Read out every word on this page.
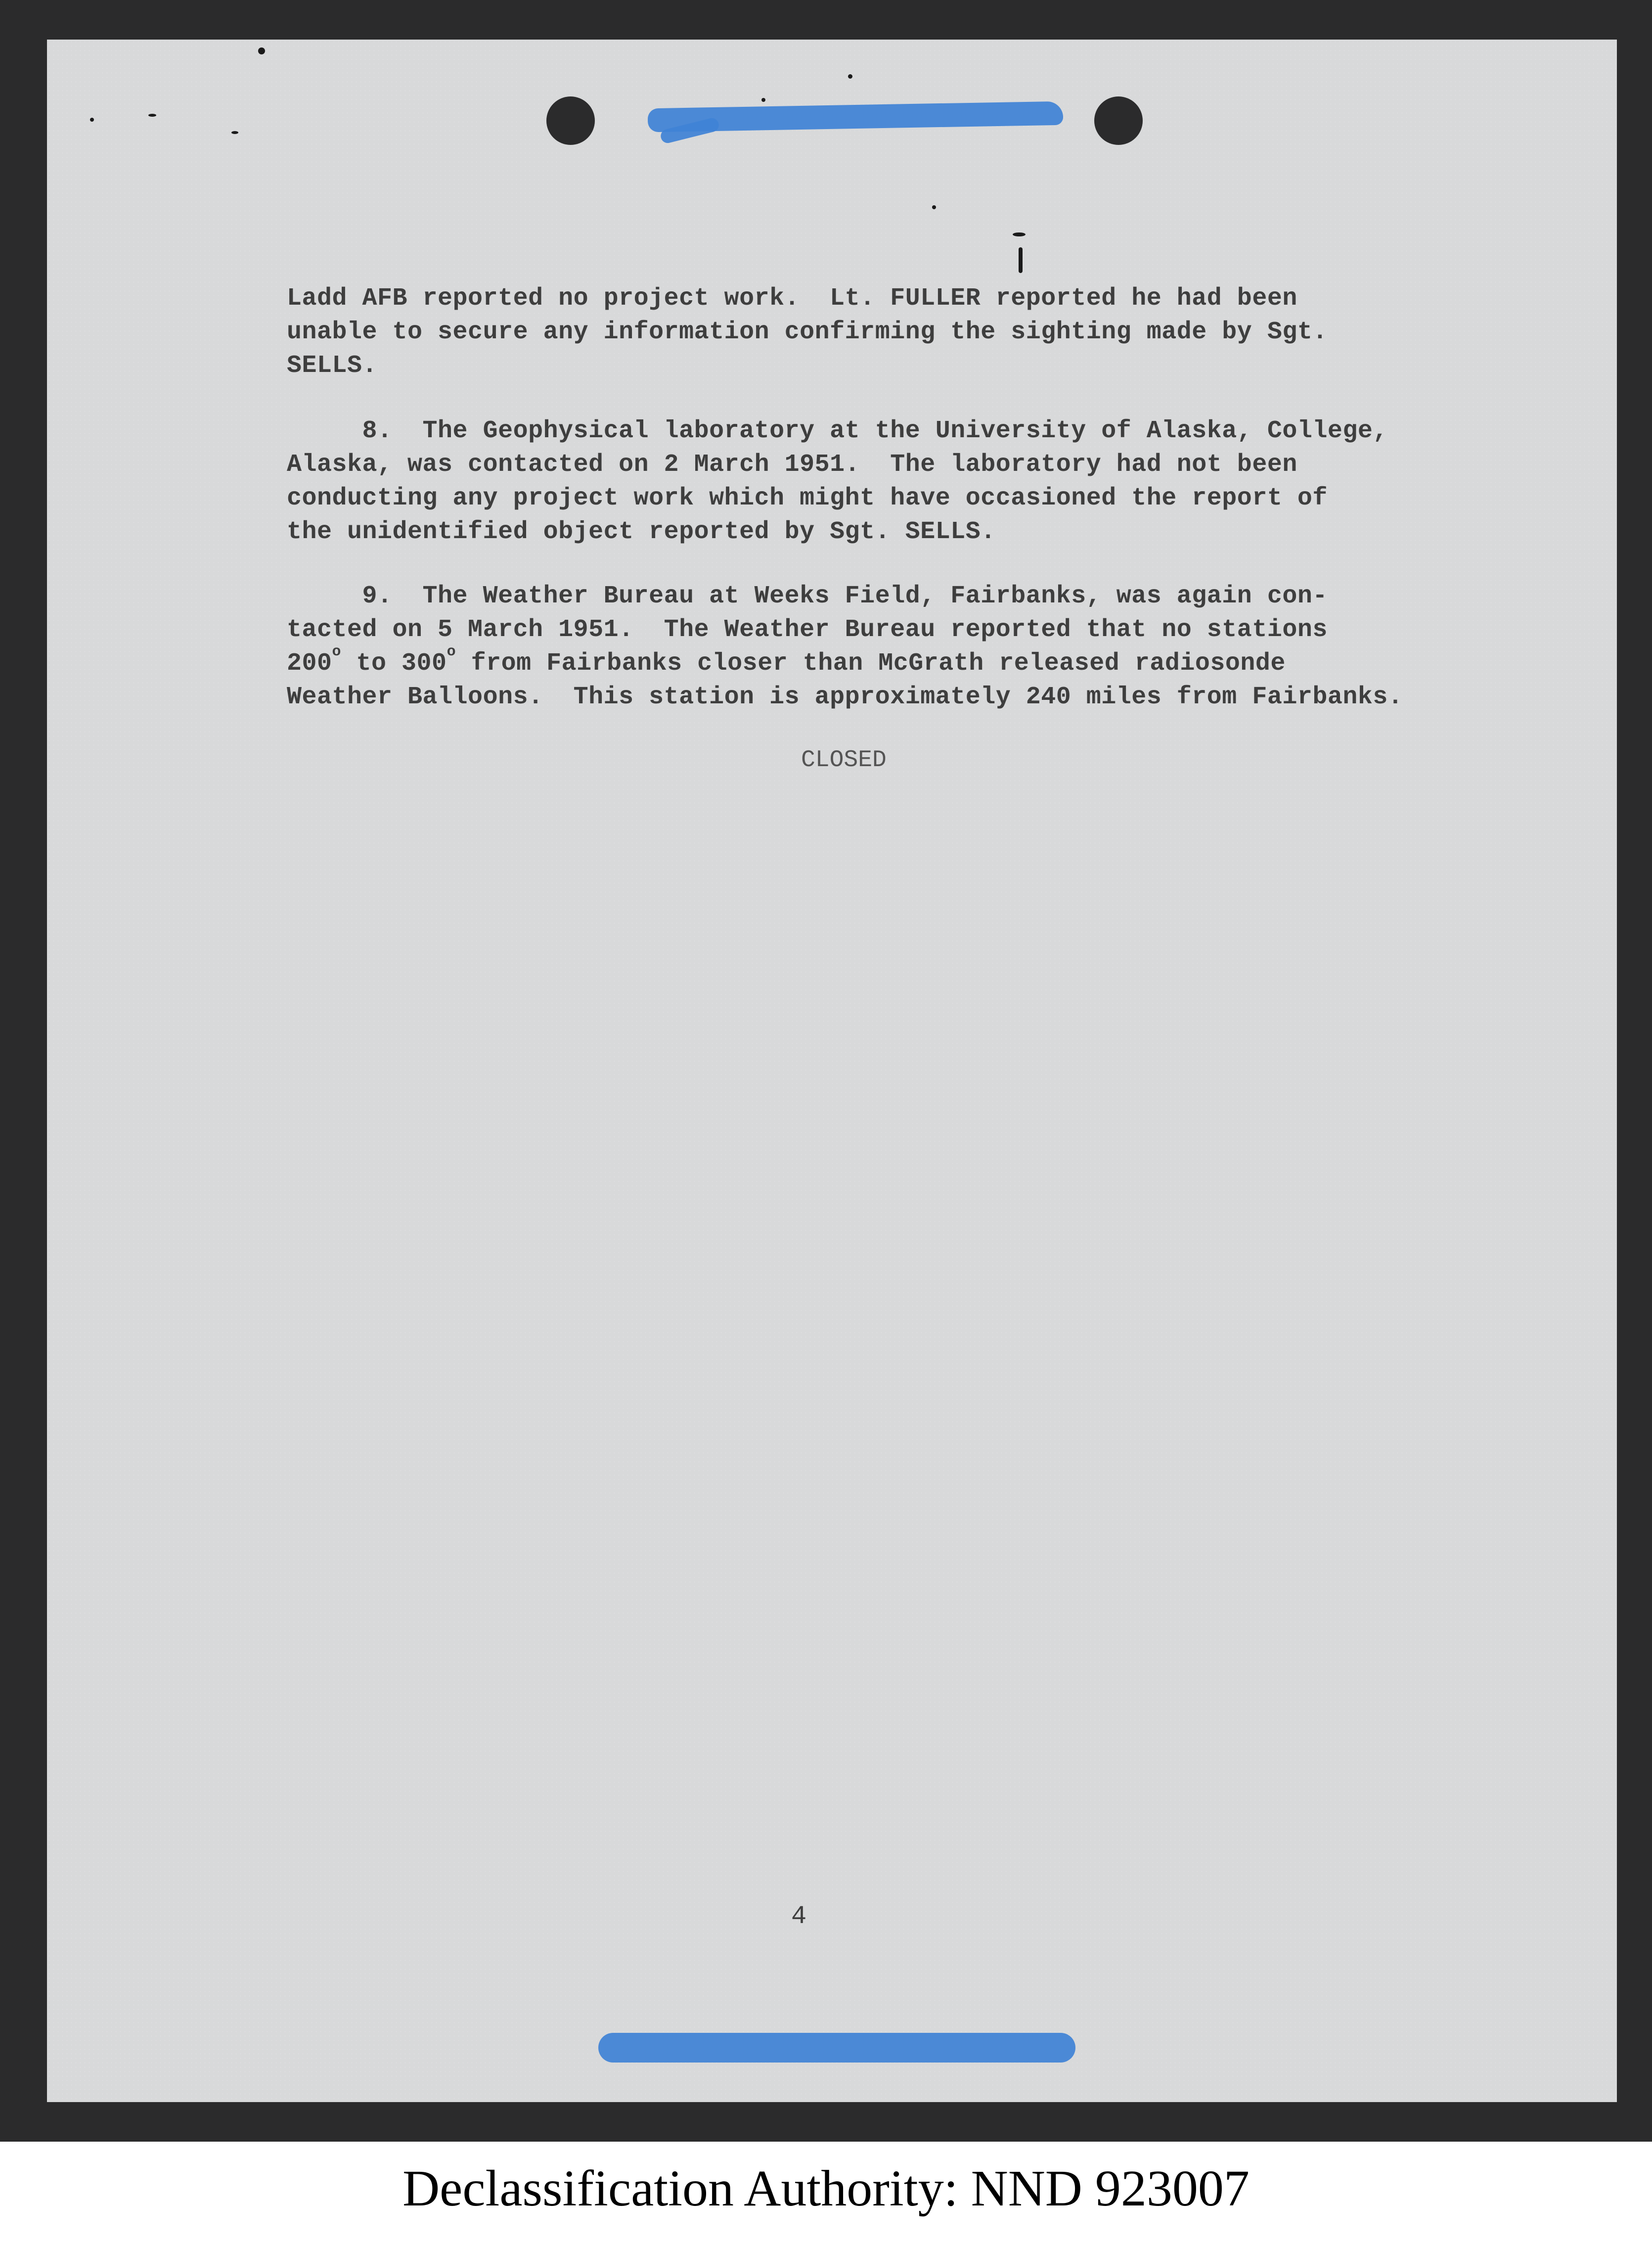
Ladd AFB reported no project work.  Lt. FULLER reported he had been
unable to secure any information confirming the sighting made by Sgt.
SELLS.
8.  The Geophysical laboratory at the University of Alaska, College,
Alaska, was contacted on 2 March 1951.  The laboratory had not been
conducting any project work which might have occasioned the report of
the unidentified object reported by Sgt. SELLS.
9.  The Weather Bureau at Weeks Field, Fairbanks, was again con-
tacted on 5 March 1951.  The Weather Bureau reported that no stations
200$^o$ to 300$^o$ from Fairbanks closer than McGrath released radiosonde
Weather Balloons.  This station is approximately 240 miles from Fairbanks.
CLOSED
4
Declassification Authority: NND 923007
